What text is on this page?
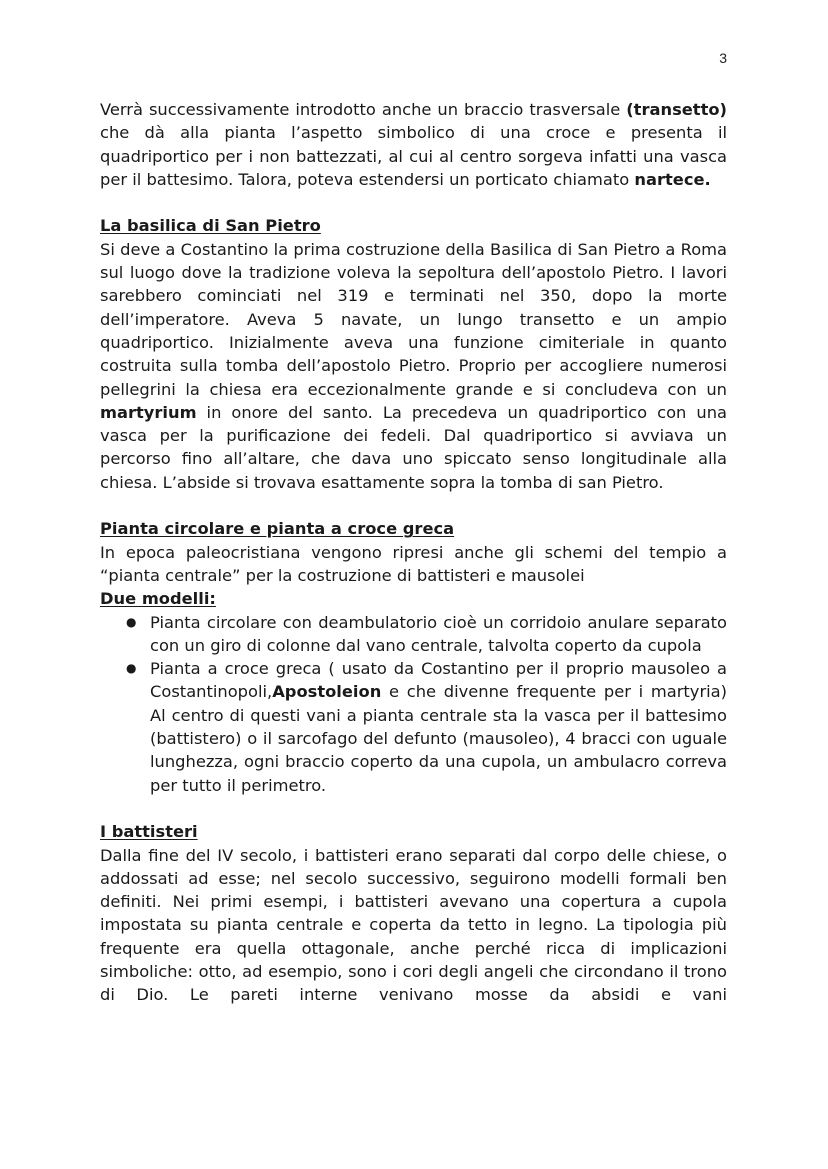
3

Verrà successivamente introdotto anche un braccio trasversale (transetto) che dà alla pianta l’aspetto simbolico di una croce e presenta il quadriportico per i non battezzati, al cui al centro sorgeva infatti una vasca per il battesimo. Talora, poteva estendersi un porticato chiamato nartece.

La basilica di San Pietro

Si deve a Costantino la prima costruzione della Basilica di San Pietro a Roma sul luogo dove la tradizione voleva la sepoltura dell’apostolo Pietro. I lavori sarebbero cominciati nel 319 e terminati nel 350, dopo la morte dell’imperatore. Aveva 5 navate, un lungo transetto e un ampio quadriportico. Inizialmente aveva una funzione cimiteriale in quanto costruita sulla tomba dell’apostolo Pietro. Proprio per accogliere numerosi pellegrini la chiesa era eccezionalmente grande e si concludeva con un martyrium in onore del santo. La precedeva un quadriportico con una vasca per la purificazione dei fedeli. Dal quadriportico si avviava un percorso fino all’altare, che dava uno spiccato senso longitudinale alla chiesa. L’abside si trovava esattamente sopra la tomba di san Pietro.

Pianta circolare e pianta a croce greca

In epoca paleocristiana vengono ripresi anche gli schemi del tempio a “pianta centrale” per la costruzione di battisteri e mausolei

Due modelli:
● Pianta circolare con deambulatorio cioè un corridoio anulare separato con un giro di colonne dal vano centrale, talvolta coperto da cupola
● Pianta a croce greca ( usato da Costantino per il proprio mausoleo a Costantinopoli,Apostoleion e che divenne frequente per i martyria) Al centro di questi vani a pianta centrale sta la vasca per il battesimo (battistero) o il sarcofago del defunto (mausoleo), 4 bracci con uguale lunghezza, ogni braccio coperto da una cupola, un ambulacro correva per tutto il perimetro.
I battisteri

Dalla fine del IV secolo, i battisteri erano separati dal corpo delle chiese, o addossati ad esse; nel secolo successivo, seguirono modelli formali ben definiti. Nei primi esempi, i battisteri avevano una copertura a cupola impostata su pianta centrale e coperta da tetto in legno. La tipologia più frequente era quella ottagonale, anche perché ricca di implicazioni simboliche: otto, ad esempio, sono i cori degli angeli che circondano il trono di Dio. Le pareti interne venivano mosse da absidi e vani
